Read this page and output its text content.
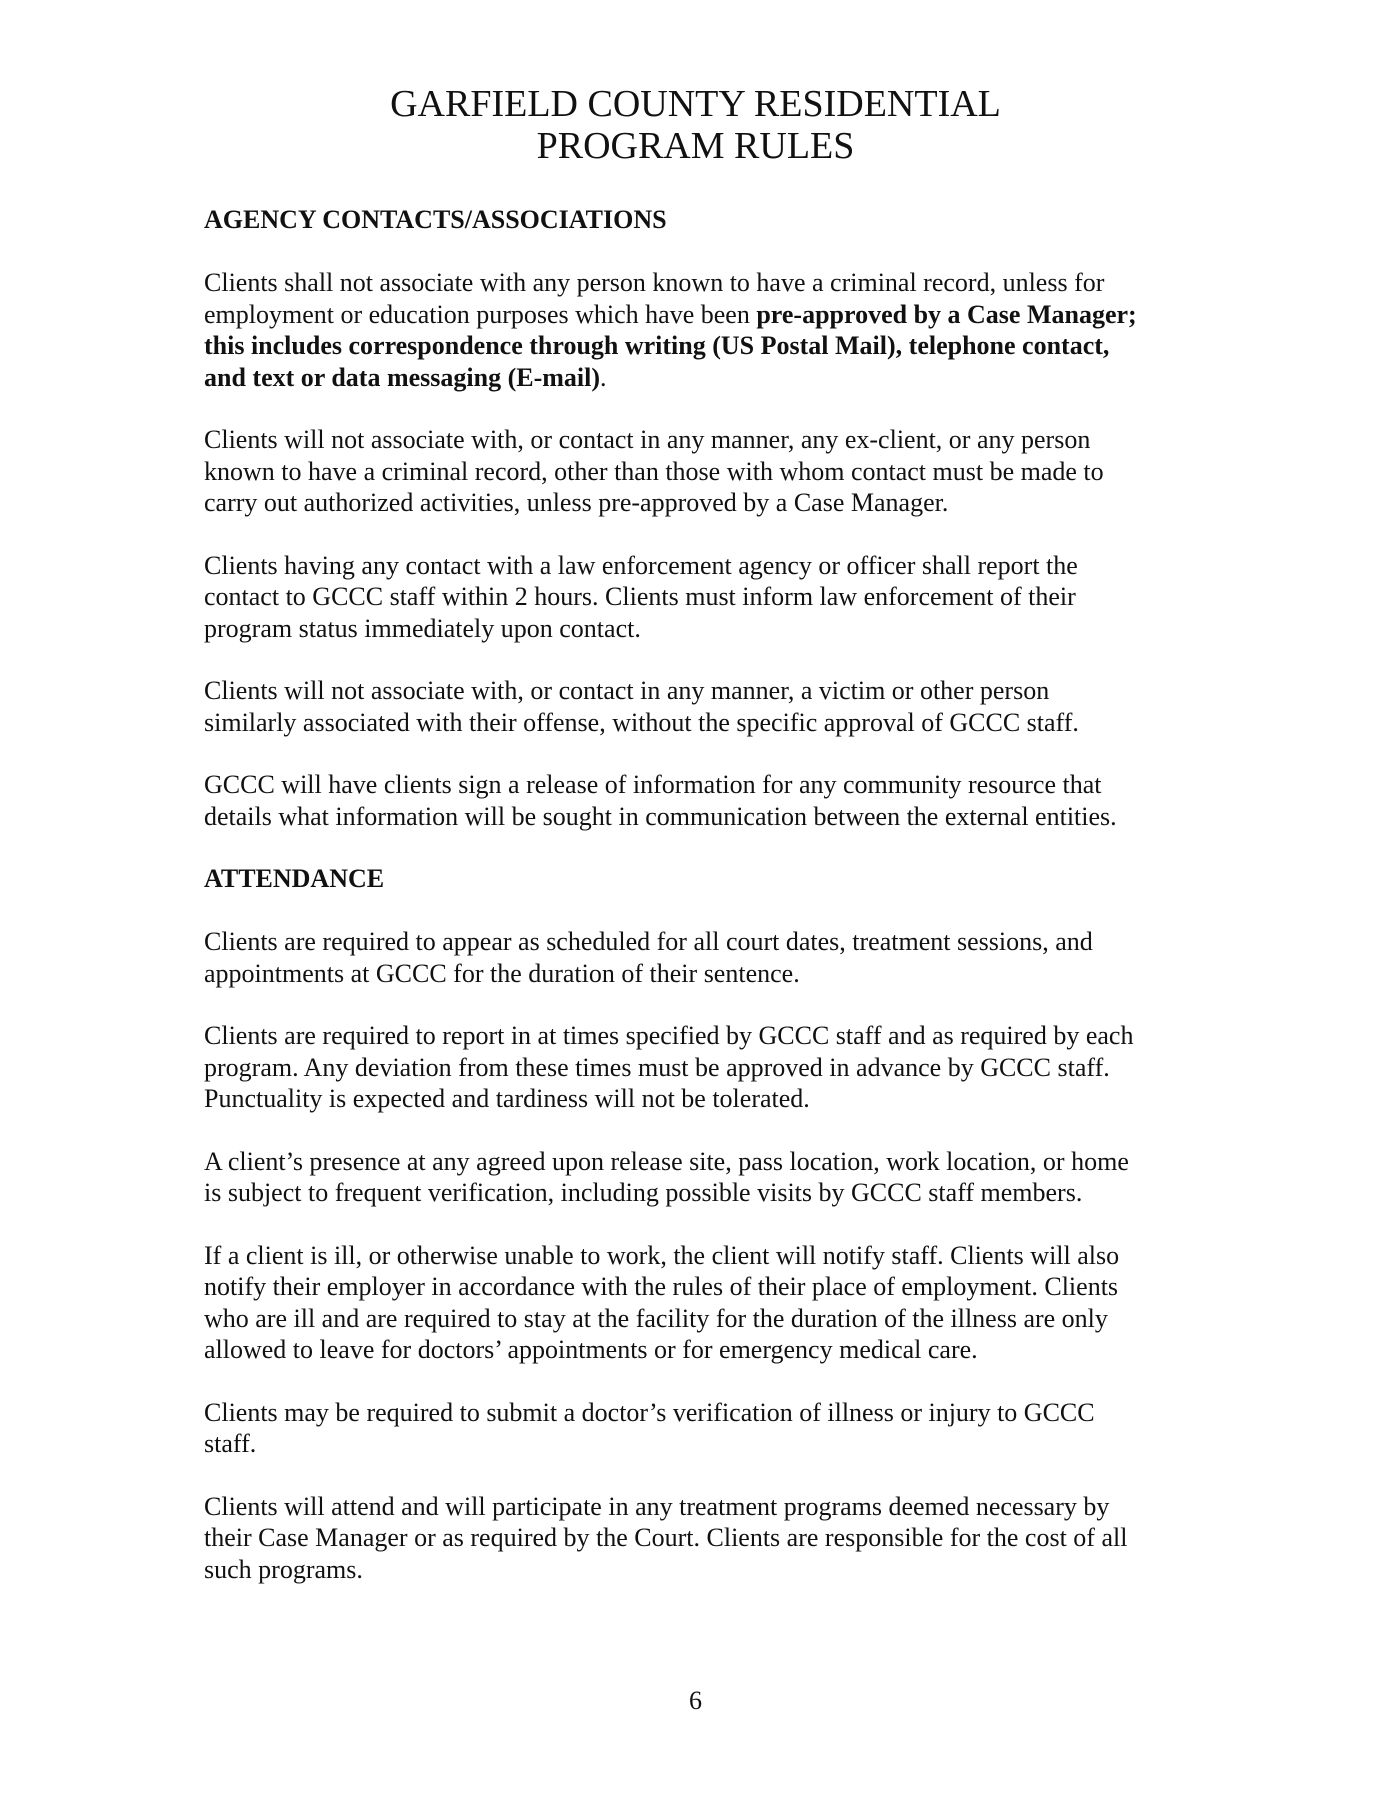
GARFIELD COUNTY RESIDENTIAL
PROGRAM RULES
AGENCY CONTACTS/ASSOCIATIONS
Clients shall not associate with any person known to have a criminal record, unless for
employment or education purposes which have been pre-approved by a Case Manager;
this includes correspondence through writing (US Postal Mail), telephone contact,
and text or data messaging (E-mail).
Clients will not associate with, or contact in any manner, any ex-client, or any person
known to have a criminal record, other than those with whom contact must be made to
carry out authorized activities, unless pre-approved by a Case Manager.
Clients having any contact with a law enforcement agency or officer shall report the
contact to GCCC staff within 2 hours. Clients must inform law enforcement of their
program status immediately upon contact.
Clients will not associate with, or contact in any manner, a victim or other person
similarly associated with their offense, without the specific approval of GCCC staff.
GCCC will have clients sign a release of information for any community resource that
details what information will be sought in communication between the external entities.
ATTENDANCE
Clients are required to appear as scheduled for all court dates, treatment sessions, and
appointments at GCCC for the duration of their sentence.
Clients are required to report in at times specified by GCCC staff and as required by each
program. Any deviation from these times must be approved in advance by GCCC staff.
Punctuality is expected and tardiness will not be tolerated.
A client’s presence at any agreed upon release site, pass location, work location, or home
is subject to frequent verification, including possible visits by GCCC staff members.
If a client is ill, or otherwise unable to work, the client will notify staff. Clients will also
notify their employer in accordance with the rules of their place of employment. Clients
who are ill and are required to stay at the facility for the duration of the illness are only
allowed to leave for doctors’ appointments or for emergency medical care.
Clients may be required to submit a doctor’s verification of illness or injury to GCCC
staff.
Clients will attend and will participate in any treatment programs deemed necessary by
their Case Manager or as required by the Court. Clients are responsible for the cost of all
such programs.
6
